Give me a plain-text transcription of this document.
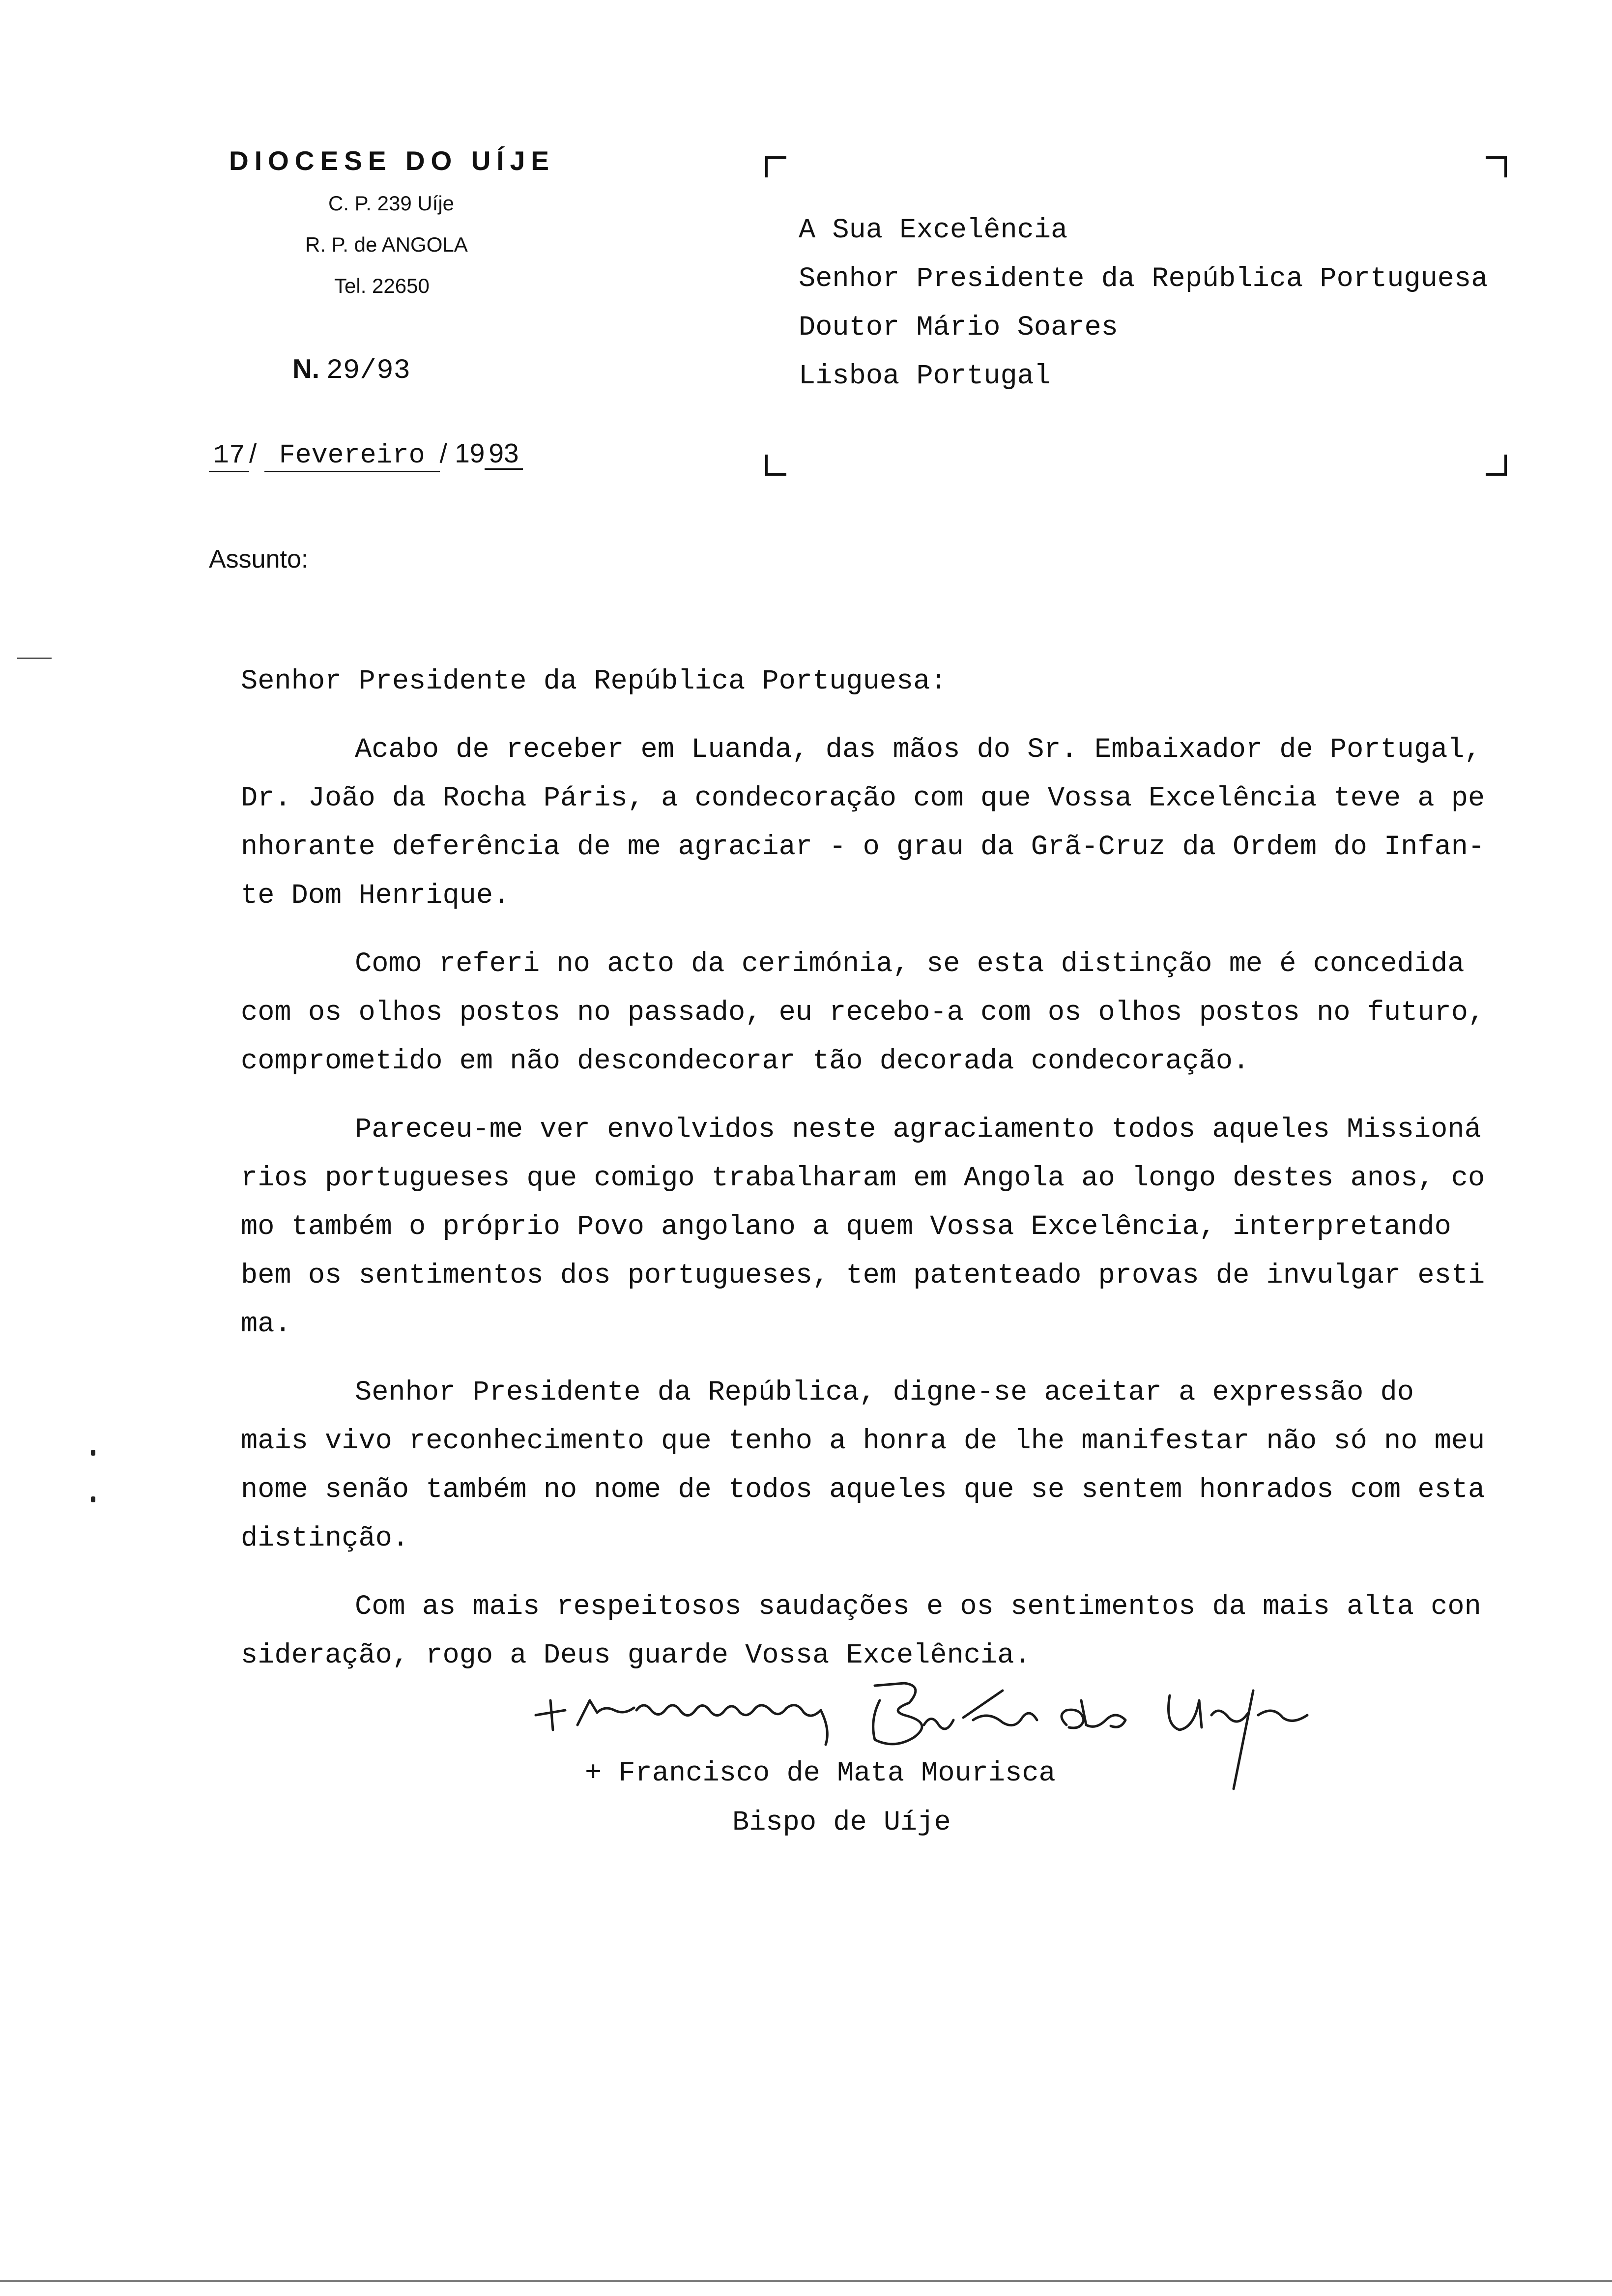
DIOCESE DO UÍJE
C. P. 239 Uíje
R. P. de ANGOLA
Tel. 22650
N. 29/93
17 / Fevereiro / 19 93
Assunto:
A Sua Excelência
Senhor Presidente da República Portuguesa
Doutor Mário Soares
Lisboa Portugal

Senhor Presidente da República Portuguesa:

Acabo de receber em Luanda, das mãos do Sr. Embaixador de Portugal,

Dr. João da Rocha Páris, a condecoração com que Vossa Excelência teve a pe

nhorante deferência de me agraciar - o grau da Grã-Cruz da Ordem do Infan-

te Dom Henrique.

Como referi no acto da cerimónia, se esta distinção me é concedida

com os olhos postos no passado, eu recebo-a com os olhos postos no futuro,

comprometido em não descondecorar tão decorada condecoração.

Pareceu-me ver envolvidos neste agraciamento todos aqueles Missioná

rios portugueses que comigo trabalharam em Angola ao longo destes anos, co

mo também o próprio Povo angolano a quem Vossa Excelência, interpretando

bem os sentimentos dos portugueses, tem patenteado provas de invulgar esti

ma.

Senhor Presidente da República, digne-se aceitar a expressão do

mais vivo reconhecimento que tenho a honra de lhe manifestar não só no meu

nome senão também no nome de todos aqueles que se sentem honrados com esta

distinção.

Com as mais respeitosos saudações e os sentimentos da mais alta con

sideração, rogo a Deus guarde Vossa Excelência.

+ Francisco de Mata Mourisca
Bispo de Uíje
